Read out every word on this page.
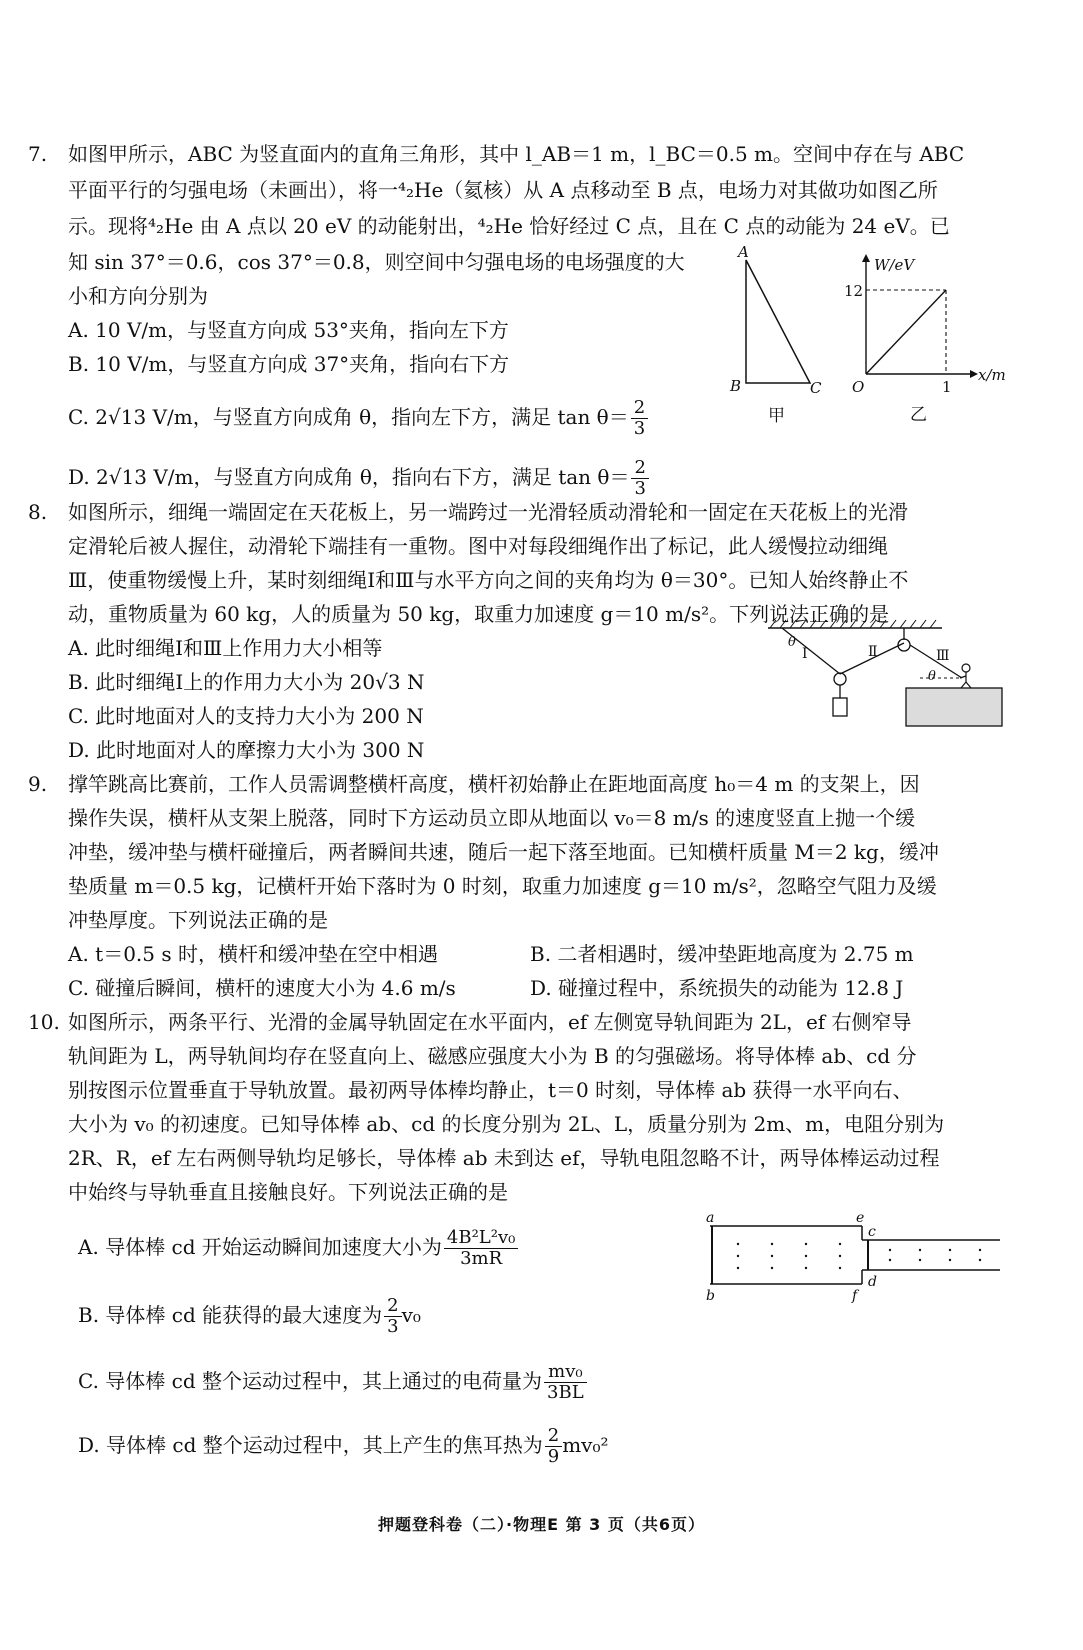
7. 如图甲所示，ABC 为竖直面内的直角三角形，其中 l_AB＝1 m，l_BC＝0.5 m。空间中存在与 ABC
平面平行的匀强电场（未画出），将一⁴₂He（氦核）从 A 点移动至 B 点，电场力对其做功如图乙所
示。现将⁴₂He 由 A 点以 20 eV 的动能射出，⁴₂He 恰好经过 C 点，且在 C 点的动能为 24 eV。已
知 sin 37°＝0.6，cos 37°＝0.8，则空间中匀强电场的电场强度的大
小和方向分别为
A. 10 V/m，与竖直方向成 53°夹角，指向左下方
B. 10 V/m，与竖直方向成 37°夹角，指向右下方
C. 2√13 V/m，与竖直方向成角 θ，指向左下方，满足 $\tan \theta= \frac{2}{3}$
D. 2√13 V/m，与竖直方向成角 θ，指向右下方，满足 $\tan \theta= \frac{2}{3}$
A
B	C
甲
W/eV
x/m
12
1
O
乙
8. 如图所示，细绳一端固定在天花板上，另一端跨过一光滑轻质动滑轮和一固定在天花板上的光滑
定滑轮后被人握住，动滑轮下端挂有一重物。图中对每段细绳作出了标记，此人缓慢拉动细绳
Ⅲ，使重物缓慢上升，某时刻细绳Ⅰ和Ⅲ与水平方向之间的夹角均为 θ＝30°。已知人始终静止不
动，重物质量为 60 kg，人的质量为 50 kg，取重力加速度 g＝10 m/s²。下列说法正确的是
A. 此时细绳Ⅰ和Ⅲ上作用力大小相等
B. 此时细绳Ⅰ上的作用力大小为 20√3 N
C. 此时地面对人的支持力大小为 200 N
D. 此时地面对人的摩擦力大小为 300 N
θ
Ⅰ	Ⅱ	Ⅲ
θ
9. 撑竿跳高比赛前，工作人员需调整横杆高度，横杆初始静止在距地面高度 h₀＝4 m 的支架上，因
操作失误，横杆从支架上脱落，同时下方运动员立即从地面以 v₀＝8 m/s 的速度竖直上抛一个缓
冲垫，缓冲垫与横杆碰撞后，两者瞬间共速，随后一起下落至地面。已知横杆质量 M＝2 kg，缓冲
垫质量 m＝0.5 kg，记横杆开始下落时为 0 时刻，取重力加速度 g＝10 m/s²，忽略空气阻力及缓
冲垫厚度。下列说法正确的是
A. t＝0.5 s 时，横杆和缓冲垫在空中相遇	B. 二者相遇时，缓冲垫距地高度为 2.75 m
C. 碰撞后瞬间，横杆的速度大小为 4.6 m/s	D. 碰撞过程中，系统损失的动能为 12.8 J
10. 如图所示，两条平行、光滑的金属导轨固定在水平面内，ef 左侧宽导轨间距为 2L，ef 右侧窄导
轨间距为 L，两导轨间均存在竖直向上、磁感应强度大小为 B 的匀强磁场。将导体棒 ab、cd 分
别按图示位置垂直于导轨放置。最初两导体棒均静止，t＝0 时刻，导体棒 ab 获得一水平向右、
大小为 v₀ 的初速度。已知导体棒 ab、cd 的长度分别为 2L、L，质量分别为 2m、m，电阻分别为
2R、R，ef 左右两侧导轨均足够长，导体棒 ab 未到达 ef，导轨电阻忽略不计，两导体棒运动过程
中始终与导轨垂直且接触良好。下列说法正确的是
A. 导体棒 cd 开始运动瞬间加速度大小为 $\frac{\text{4B²L²v₀}}{3mR}$
B. 导体棒 cd 能获得的最大速度为 $\frac{2}{3} v_0$
C. 导体棒 cd 整个运动过程中，其上通过的电荷量为 $\frac{\text{mv₀}}{3BL}$
D. 导体棒 cd 整个运动过程中，其上产生的焦耳热为 $\frac{2}{9} mv_0^2$
a
b
e
f
c
d
押题登科卷（二）·物理E 第 3 页（共6页）
